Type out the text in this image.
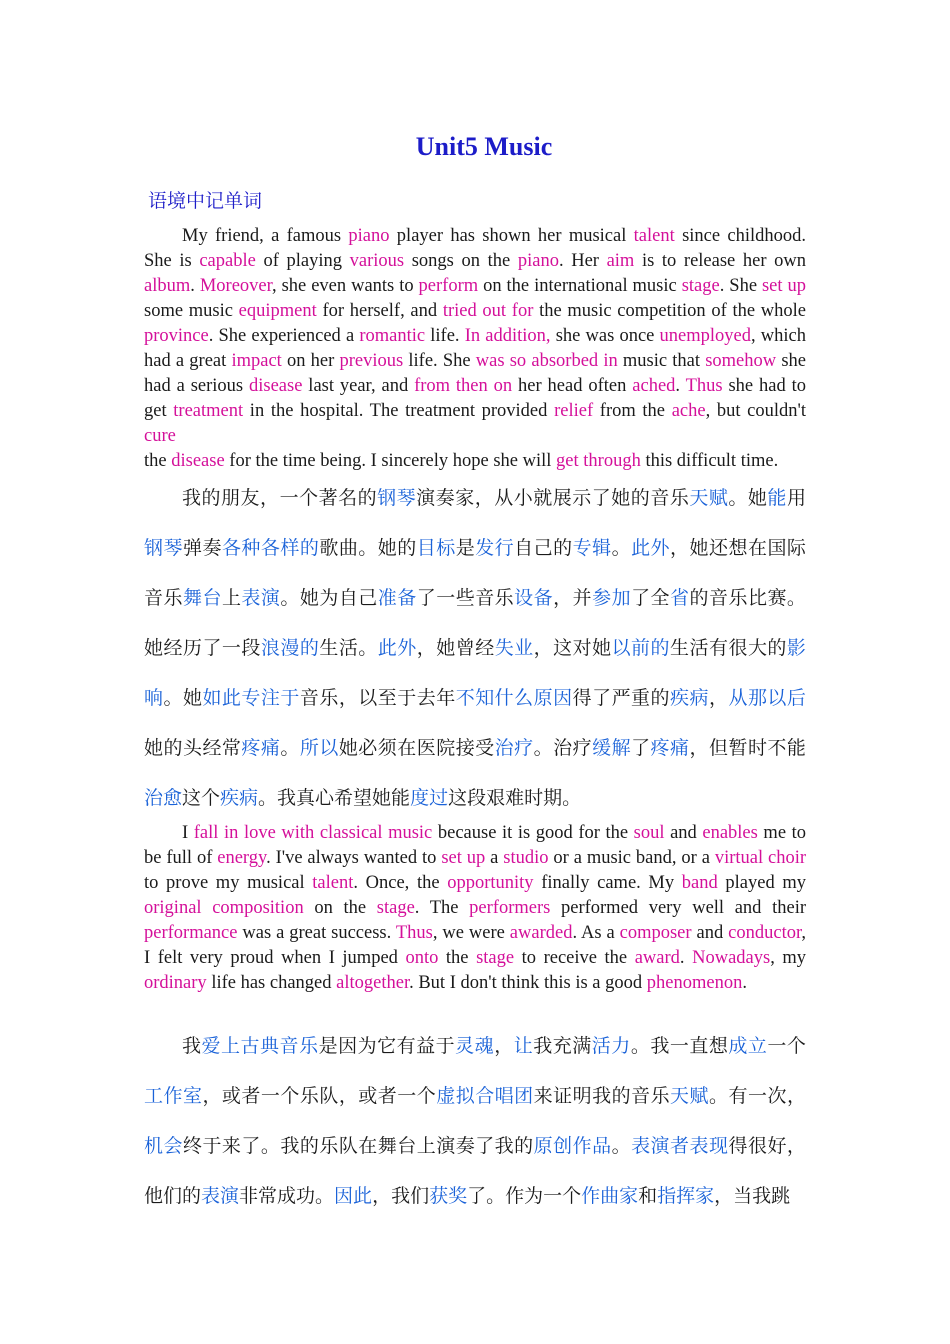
Unit5 Music
语境中记单词

My friend, a famous piano player has shown her musical talent since childhood. She is capable of playing various songs on the piano. Her aim is to release her own album. Moreover, she even wants to perform on the international music stage. She set up some music equipment for herself, and tried out for the music competition of the whole province. She experienced a romantic life. In addition, she was once unemployed, which had a great impact on her previous life. She was so absorbed in music that somehow she had a serious disease last year, and from then on her head often ached. Thus she had to get treatment in the hospital. The treatment provided relief from the ache, but couldn't cure
the disease for the time being. I sincerely hope she will get through this difficult time.

我的朋友，一个著名的钢琴演奏家，从小就展示了她的音乐天赋。她能用钢琴弹奏各种各样的歌曲。她的目标是发行自己的专辑。此外，她还想在国际音乐舞台上表演。她为自己准备了一些音乐设备，并参加了全省的音乐比赛。她经历了一段浪漫的生活。此外，她曾经失业，这对她以前的生活有很大的影响。她如此专注于音乐，以至于去年不知什么原因得了严重的疾病，从那以后她的头经常疼痛。所以她必须在医院接受治疗。治疗缓解了疼痛，但暂时不能治愈这个疾病。我真心希望她能度过这段艰难时期。

I fall in love with classical music because it is good for the soul and enables me to be full of energy. I've always wanted to set up a studio or a music band, or a virtual choir to prove my musical talent. Once, the opportunity finally came. My band played my original composition on the stage. The performers performed very well and their performance was a great success. Thus, we were awarded. As a composer and conductor, I felt very proud when I jumped onto the stage to receive the award. Nowadays, my ordinary life has changed altogether. But I don't think this is a good phenomenon.

我爱上古典音乐是因为它有益于灵魂，让我充满活力。我一直想成立一个工作室，或者一个乐队，或者一个虚拟合唱团来证明我的音乐天赋。有一次，机会终于来了。我的乐队在舞台上演奏了我的原创作品。表演者表现得很好，他们的表演非常成功。因此，我们获奖了。作为一个作曲家和指挥家，当我跳
